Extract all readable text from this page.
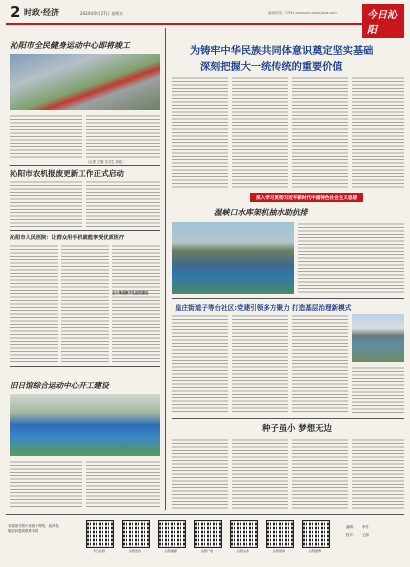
2 时政·经济	2024年9月27日 星期五	新闻热线：0391-xxxxxxx www.jzxw.com	今日沁阳
沁阳市全民健身运动中心即将竣工
（记者 王敏 实习生 刘佳）
沁阳市农机报废更新工作正式启动
沁阳市人民医院：让群众用手机就能享受优质医疗
全力推进数字化医院建设
旧日馆综合运动中心开工建设
为铸牢中华民族共同体意识奠定坚实基础
深刻把握大一统传统的重要价值
深入学习贯彻习近平新时代中国特色社会主义思想
温峡口水库架机抽水助抗排
皇庄街道子等台社区:党建引领多方聚力 打造基层治理新模式
种子虽小 梦想无边
本版部分图片来源于网络，如涉及版权问题请联系本报
今日沁阳	沁阳发布	沁阳融媒	沁阳广电	沁阳头条	沁阳视频	沁阳微博
编辑： 李芳
校对： 王丽
